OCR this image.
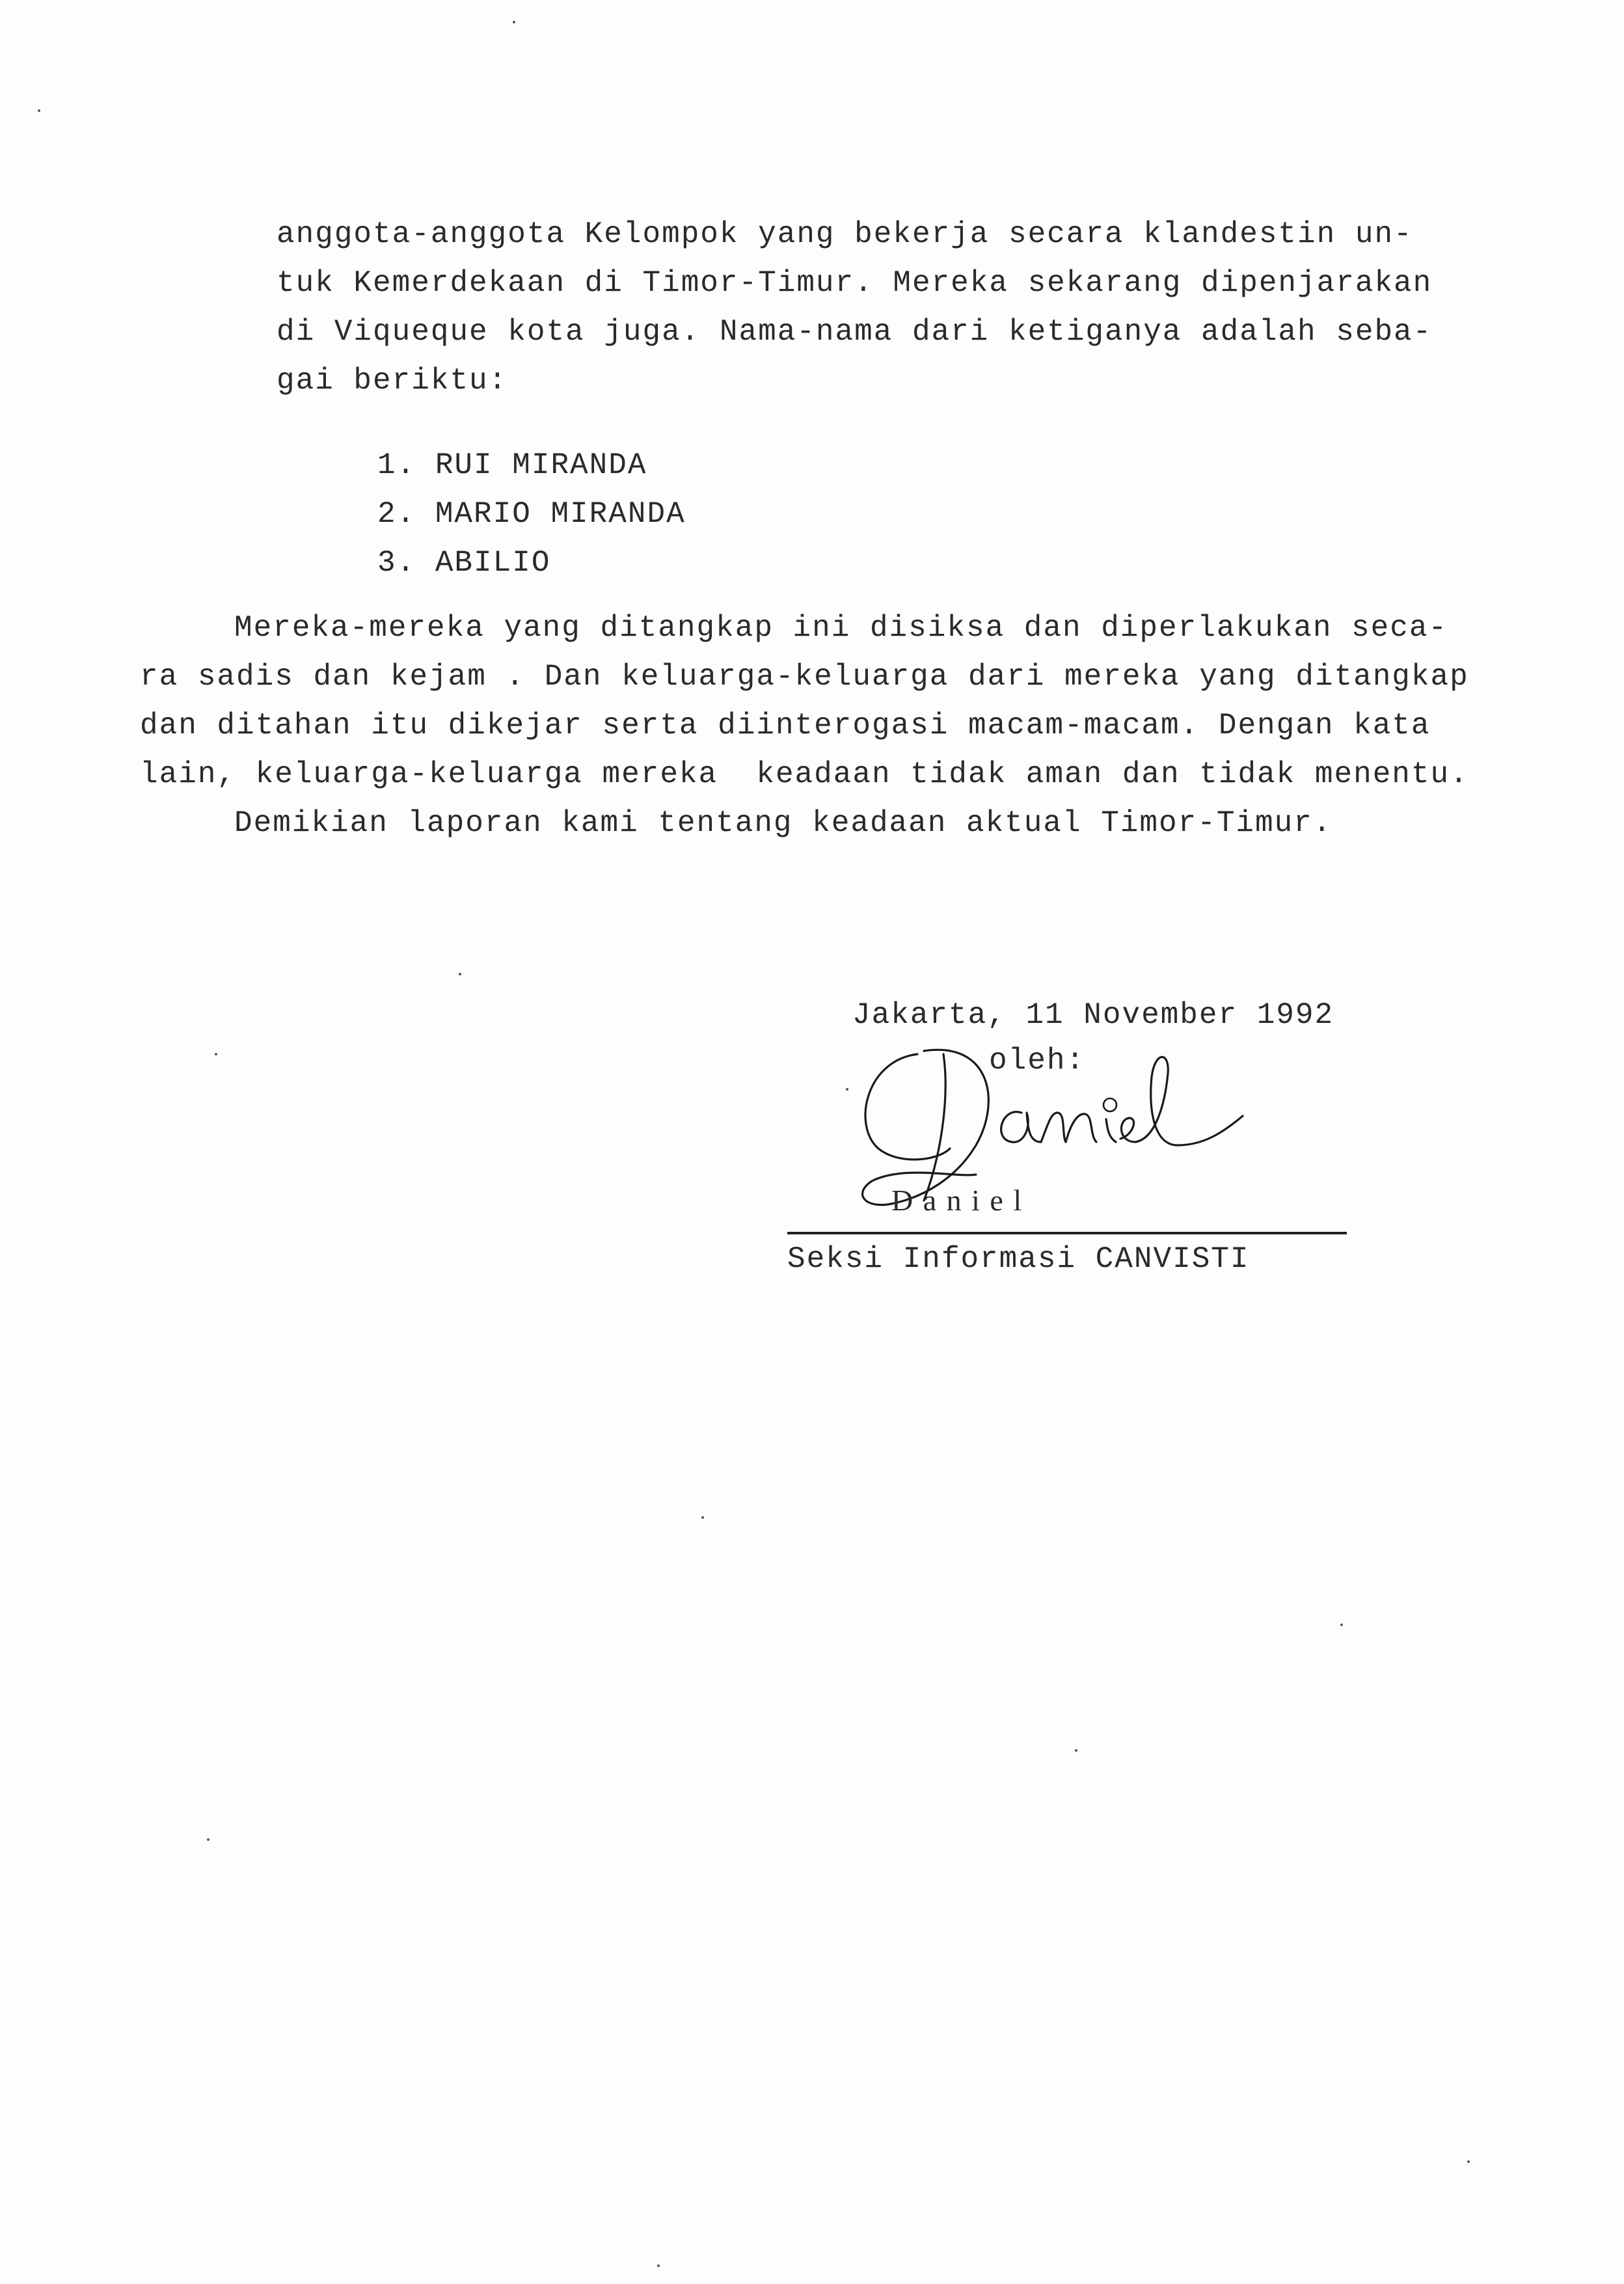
anggota-anggota Kelompok yang bekerja secara klandestin un-
tuk Kemerdekaan di Timor-Timur. Mereka sekarang dipenjarakan
di Viqueque kota juga. Nama-nama dari ketiganya adalah seba-
gai beriktu:
1. RUI MIRANDA
2. MARIO MIRANDA
3. ABILIO
Mereka-mereka yang ditangkap ini disiksa dan diperlakukan seca-
ra sadis dan kejam . Dan keluarga-keluarga dari mereka yang ditangkap
dan ditahan itu dikejar serta diinterogasi macam-macam. Dengan kata
lain, keluarga-keluarga mereka  keadaan tidak aman dan tidak menentu.
Demikian laporan kami tentang keadaan aktual Timor-Timur.
Jakarta, 11 November 1992
oleh:
D a n i e l
Seksi Informasi CANVISTI
